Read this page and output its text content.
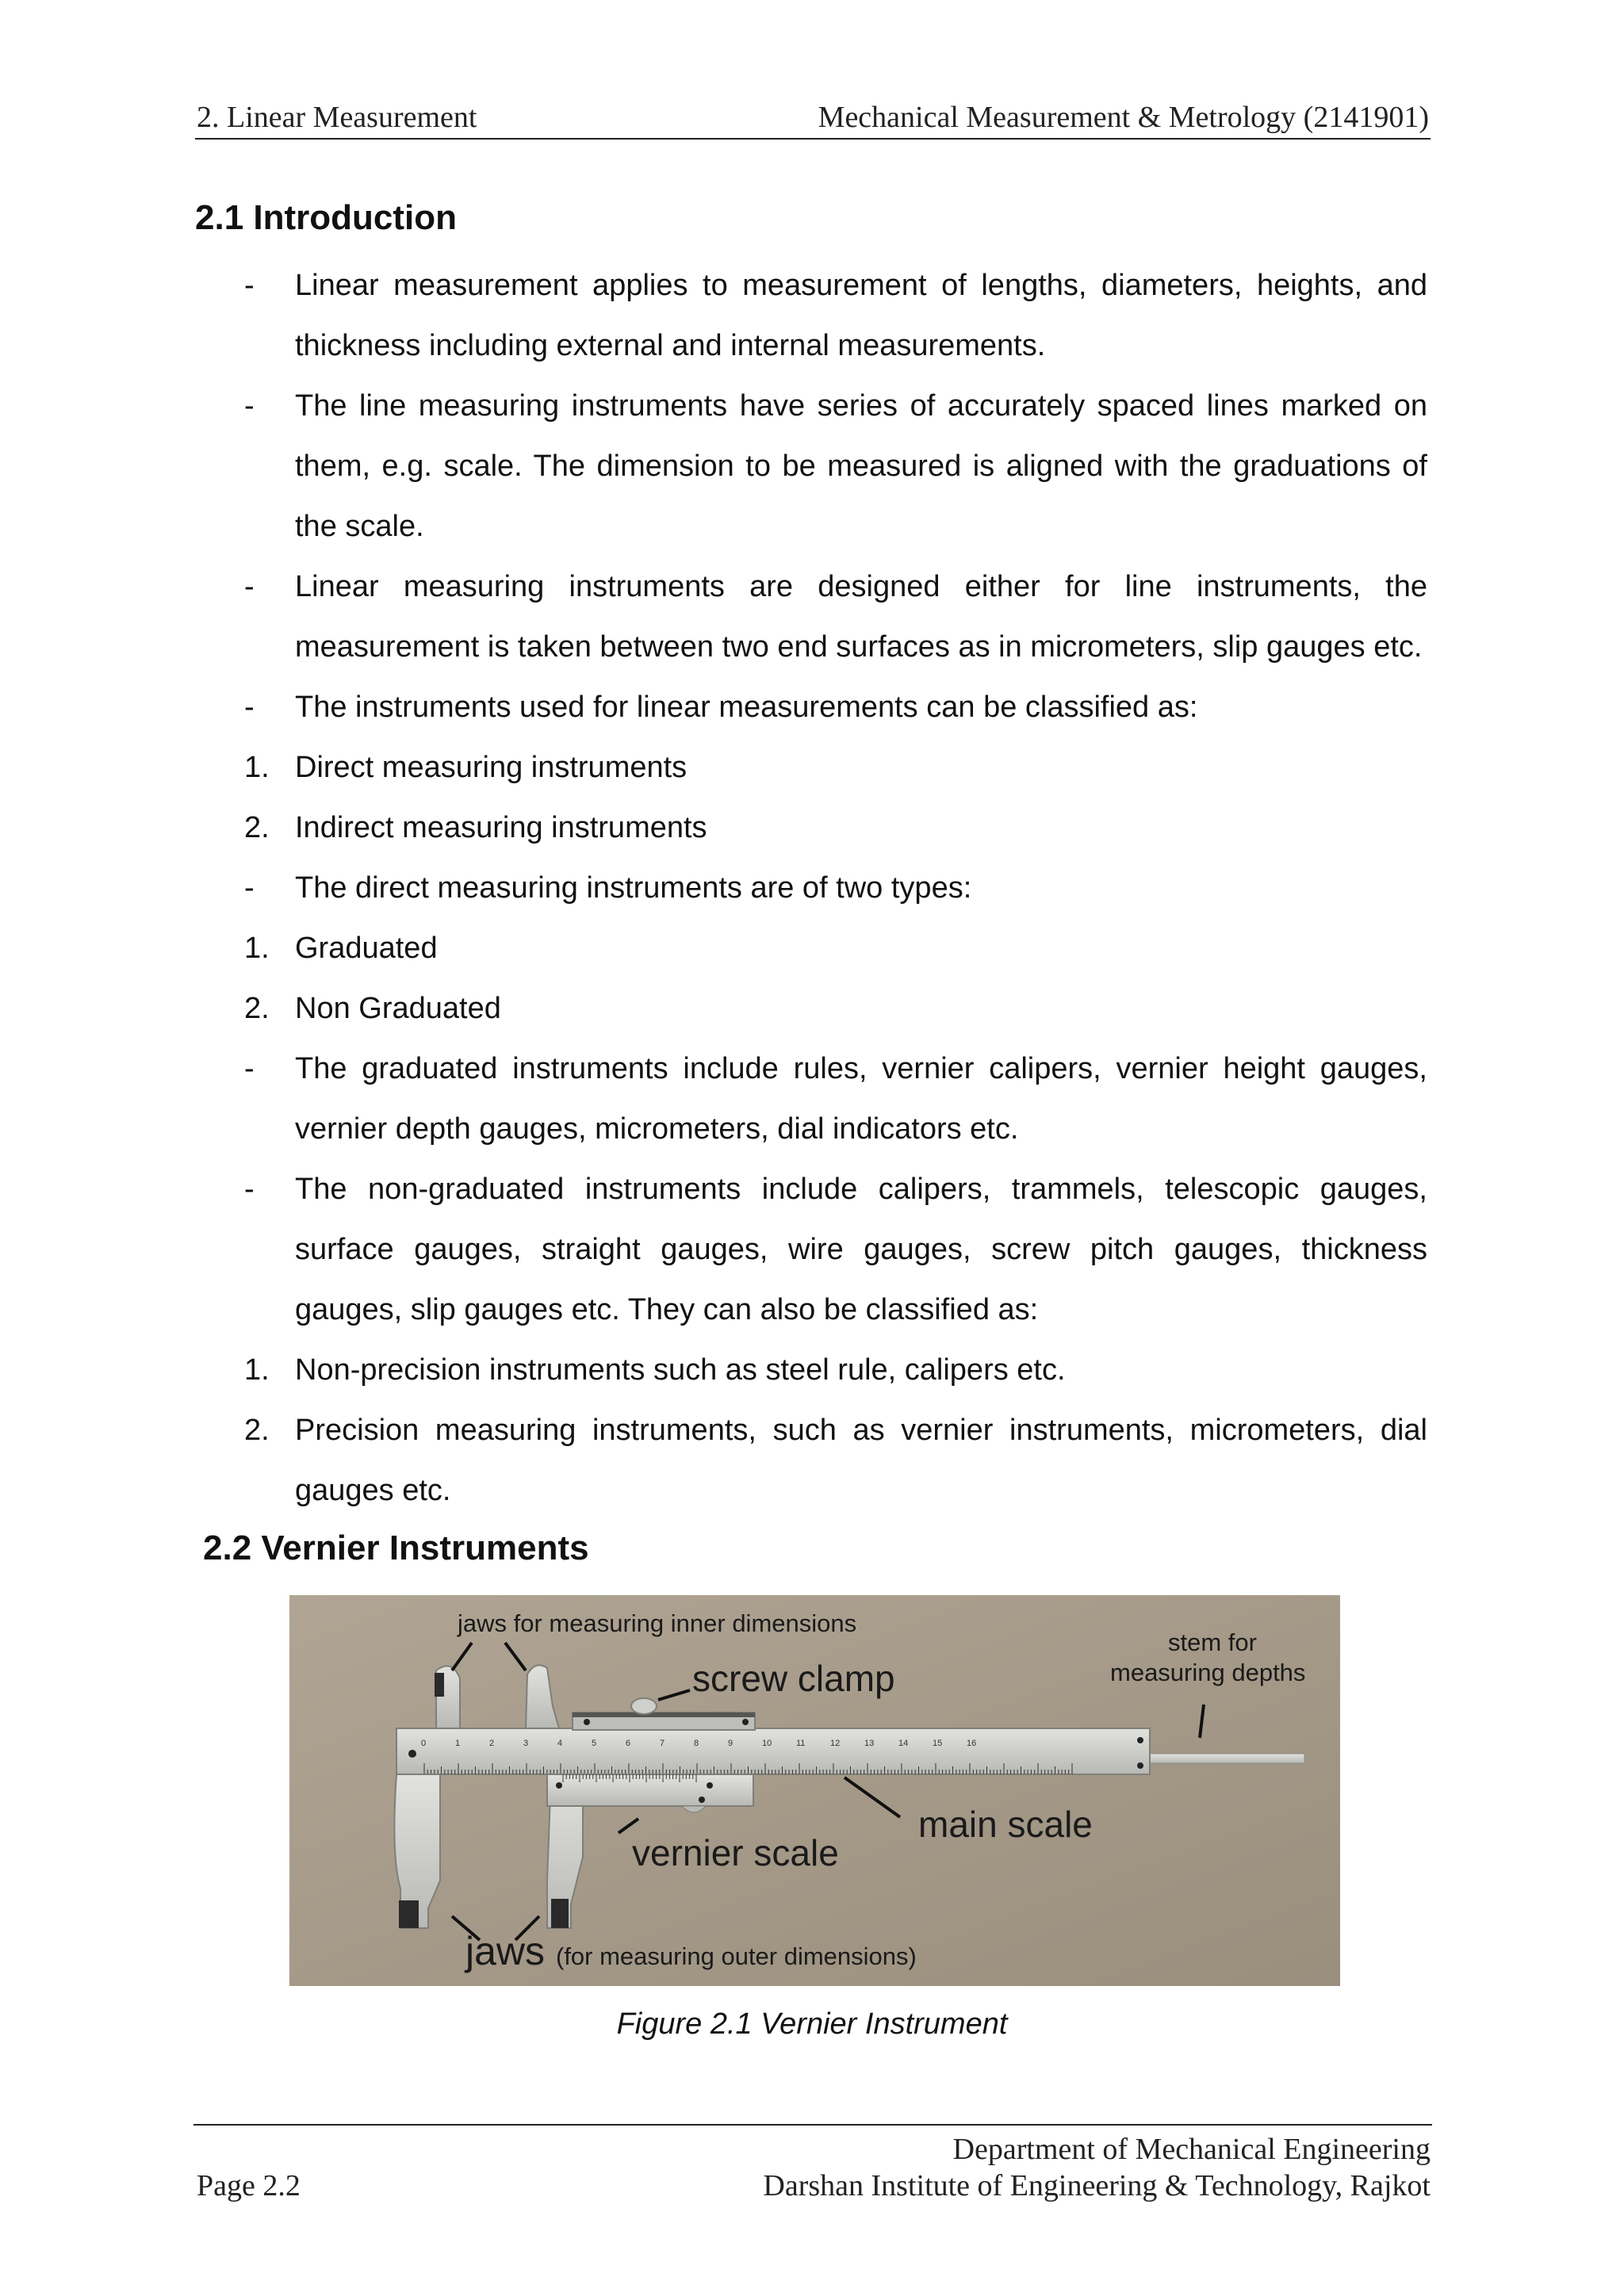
2. Linear Measurement	Mechanical Measurement & Metrology (2141901)
2.1 Introduction
- Linear measurement applies to measurement of lengths, diameters, heights, and thickness including external and internal measurements.
- The line measuring instruments have series of accurately spaced lines marked on them, e.g. scale. The dimension to be measured is aligned with the graduations of the scale.
- Linear measuring instruments are designed either for line instruments, the measurement is taken between two end surfaces as in micrometers, slip gauges etc.
- The instruments used for linear measurements can be classified as:
1. Direct measuring instruments
2. Indirect measuring instruments
- The direct measuring instruments are of two types:
1. Graduated
2. Non Graduated
- The graduated instruments include rules, vernier calipers, vernier height gauges, vernier depth gauges, micrometers, dial indicators etc.
- The non-graduated instruments include calipers, trammels, telescopic gauges, surface gauges, straight gauges, wire gauges, screw pitch gauges, thickness gauges, slip gauges etc. They can also be classified as:
1. Non-precision instruments such as steel rule, calipers etc.
2. Precision measuring instruments, such as vernier instruments, micrometers, dial gauges etc.
2.2 Vernier Instruments
0	1	2	3	4	5	6	7	8	9	10	11	12	13	14	15	16
jaws for measuring inner dimensions
screw clamp
stem for
measuring depths
main scale
vernier scale
jaws (for measuring outer dimensions)
Figure 2.1 Vernier Instrument
Department of Mechanical Engineering
Darshan Institute of Engineering & Technology, Rajkot
Page 2.2
